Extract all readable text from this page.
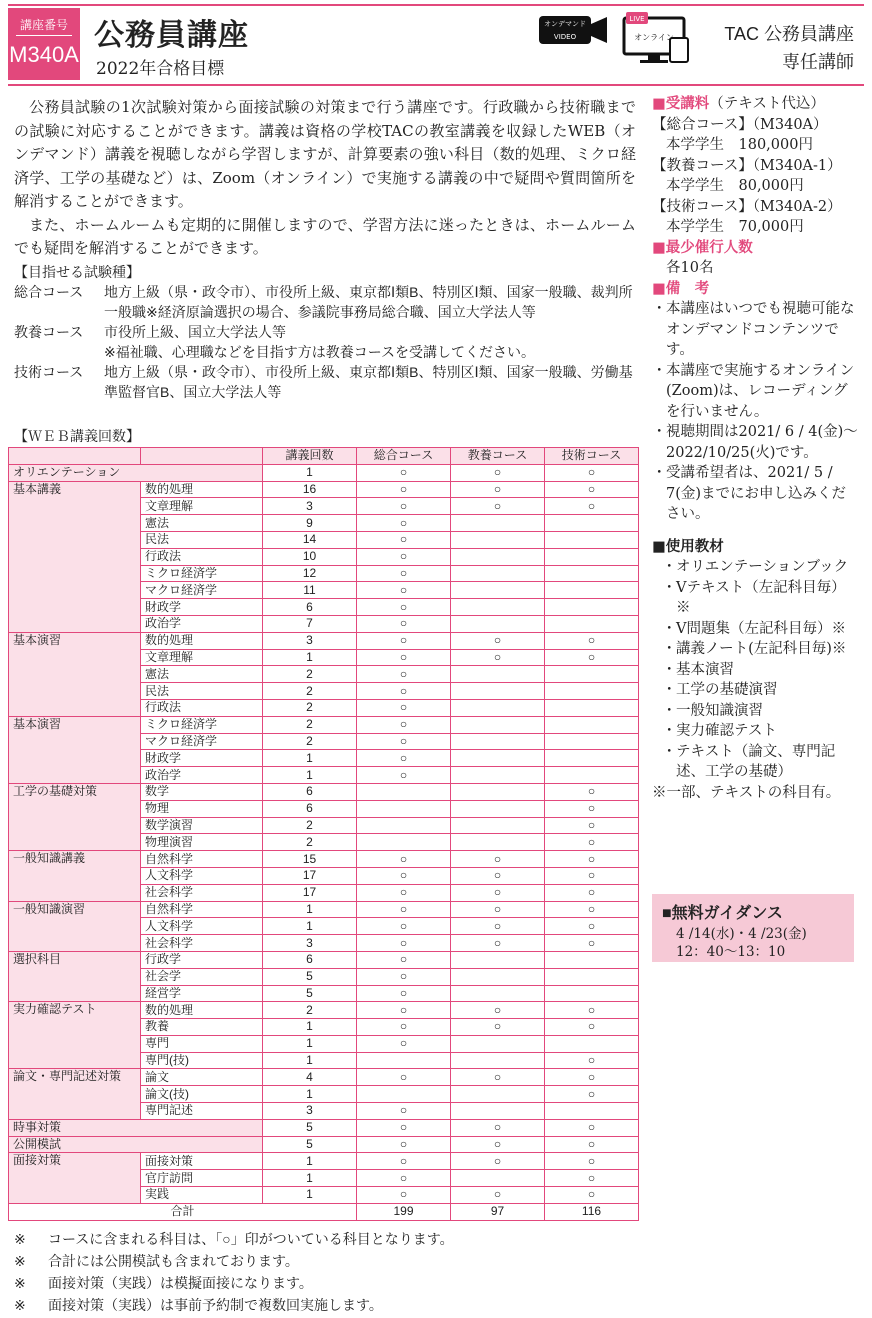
講座番号
M340A
公務員講座
2022年合格目標
オンデマンド
VIDEO
LIVE
オンライン	TAC 公務員講座
専任講師

公務員試験の1次試験対策から面接試験の対策まで行う講座です。行政職から技術職までの試験に対応することができます。講義は資格の学校TACの教室講義を収録したWEB（オンデマンド）講義を視聴しながら学習しますが、計算要素の強い科目（数的処理、ミクロ経済学、工学の基礎など）は、Zoom（オンライン）で実施する講義の中で疑問や質問箇所を解消することができます。

また、ホームルームも定期的に開催しますので、学習方法に迷ったときは、ホームルームでも疑問を解消することができます。

【目指せる試験種】
総合コース	地方上級（県・政令市）、市役所上級、東京都Ⅰ類B、特別区Ⅰ類、国家一般職、裁判所一般職※経済原論選択の場合、参議院事務局総合職、国立大学法人等
教養コース	市役所上級、国立大学法人等
※福祉職、心理職などを目指す方は教養コースを受講してください。
技術コース	地方上級（県・政令市）、市役所上級、東京都Ⅰ類B、特別区Ⅰ類、国家一般職、労働基準監督官B、国立大学法人等
【ＷＥＢ講義回数】
		講義回数	総合コース	教養コース	技術コース
オリエンテーション		1	○	○	○
基本講義	数的処理	16	○	○	○
	文章理解	3	○	○	○
	憲法	9	○		
	民法	14	○		
	行政法	10	○		
	ミクロ経済学	12	○		
	マクロ経済学	11	○		
	財政学	6	○		
	政治学	7	○		
基本演習	数的処理	3	○	○	○
	文章理解	1	○	○	○
	憲法	2	○		
	民法	2	○		
	行政法	2	○		
基本演習	ミクロ経済学	2	○		
	マクロ経済学	2	○		
	財政学	1	○		
	政治学	1	○		
工学の基礎対策	数学	6			○
	物理	6			○
	数学演習	2			○
	物理演習	2			○
一般知識講義	自然科学	15	○	○	○
	人文科学	17	○	○	○
	社会科学	17	○	○	○
一般知識演習	自然科学	1	○	○	○
	人文科学	1	○	○	○
	社会科学	3	○	○	○
選択科目	行政学	6	○		
	社会学	5	○		
	経営学	5	○		
実力確認テスト	数的処理	2	○	○	○
	教養	1	○	○	○
	専門	1	○		
	専門(技)	1			○
論文・専門記述対策	論文	4	○	○	○
	論文(技)	1			○
	専門記述	3	○		
時事対策		5	○	○	○
公開模試		5	○	○	○
面接対策	面接対策	1	○	○	○
	官庁訪問	1	○		○
	実践	1	○	○	○
合計			199	97	116
※	コースに含まれる科目は、「○」印がついている科目となります。
※	合計には公開模試も含まれております。
※	面接対策（実践）は模擬面接になります。
※	面接対策（実践）は事前予約制で複数回実施します。
■受講料（テキスト代込）
【総合コース】（M340A）
本学学生　180,000円
【教養コース】（M340A-1）
本学学生　80,000円
【技術コース】（M340A-2）
本学学生　70,000円
■最少催行人数
各10名
■備　考
・ 本講座はいつでも視聴可能なオンデマンドコンテンツです。
・ 本講座で実施するオンライン(Zoom)は、レコーディングを行いません。
・ 視聴期間は2021/ 6 / 4(金)～2022/10/25(火)です。
・ 受講希望者は、2021/ 5 / 7(金)までにお申し込みください。
■使用教材
・ オリエンテーションブック
・ Vテキスト（左記科目毎）※
・ V問題集（左記科目毎）※
・ 講義ノート(左記科目毎)※
・ 基本演習
・ 工学の基礎演習
・ 一般知識演習
・ 実力確認テスト
・ テキスト（論文、専門記述、工学の基礎）
※一部、テキストの科目有。
■無料ガイダンス
4 /14(水)・4 /23(金)
12：40～13：10
